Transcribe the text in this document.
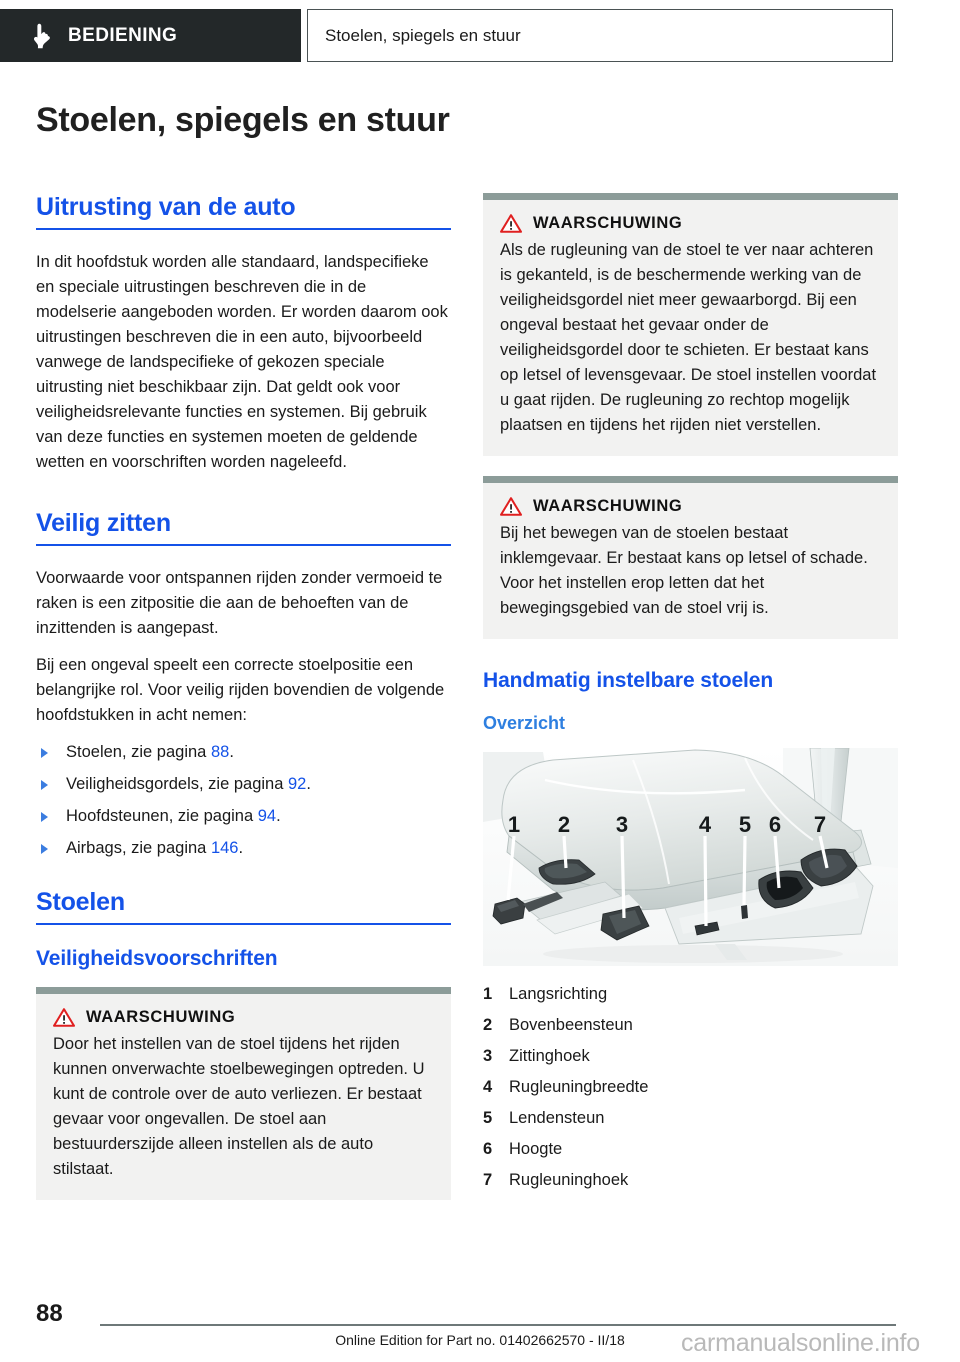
BEDIENING	Stoelen, spiegels en stuur
Stoelen, spiegels en stuur
Uitrusting van de auto

In dit hoofdstuk worden alle standaard, landspecifieke en speciale uitrustingen beschreven die in de modelserie aangeboden worden. Er worden daarom ook uitrustingen beschreven die in een auto, bijvoorbeeld vanwege de landspecifieke of gekozen speciale uitrusting niet beschikbaar zijn. Dat geldt ook voor veiligheidsrelevante functies en systemen. Bij gebruik van deze functies en systemen moeten de geldende wetten en voorschriften worden nageleefd.

Veilig zitten

Voorwaarde voor ontspannen rijden zonder vermoeid te raken is een zitpositie die aan de behoeften van de inzittenden is aangepast.

Bij een ongeval speelt een correcte stoelpositie een belangrijke rol. Voor veilig rijden bovendien de volgende hoofdstukken in acht nemen:

Stoelen, zie pagina 88.
Veiligheidsgordels, zie pagina 92.
Hoofdsteunen, zie pagina 94.
Airbags, zie pagina 146.
Stoelen
Veiligheidsvoorschriften
WAARSCHUWING

Door het instellen van de stoel tijdens het rijden kunnen onverwachte stoelbewegingen optreden. U kunt de controle over de auto verliezen. Er bestaat gevaar voor ongevallen. De stoel aan bestuurderszijde alleen instellen als de auto stilstaat.

WAARSCHUWING

Als de rugleuning van de stoel te ver naar achteren is gekanteld, is de beschermende werking van de veiligheidsgordel niet meer gewaarborgd. Bij een ongeval bestaat het gevaar onder de veiligheidsgordel door te schieten. Er bestaat kans op letsel of levensgevaar. De stoel instellen voordat u gaat rijden. De rugleuning zo rechtop mogelijk plaatsen en tijdens het rijden niet verstellen.

WAARSCHUWING

Bij het bewegen van de stoelen bestaat inklemgevaar. Er bestaat kans op letsel of schade. Voor het instellen erop letten dat het bewegingsgebied van de stoel vrij is.

Handmatig instelbare stoelen
Overzicht
1 2 3	4 5 6 7
1	Langsrichting
2	Bovenbeensteun
3	Zittinghoek
4	Rugleuningbreedte
5	Lendensteun
6	Hoogte
7	Rugleuninghoek
88
Online Edition for Part no. 01402662570 - II/18	carmanualsonline.info
